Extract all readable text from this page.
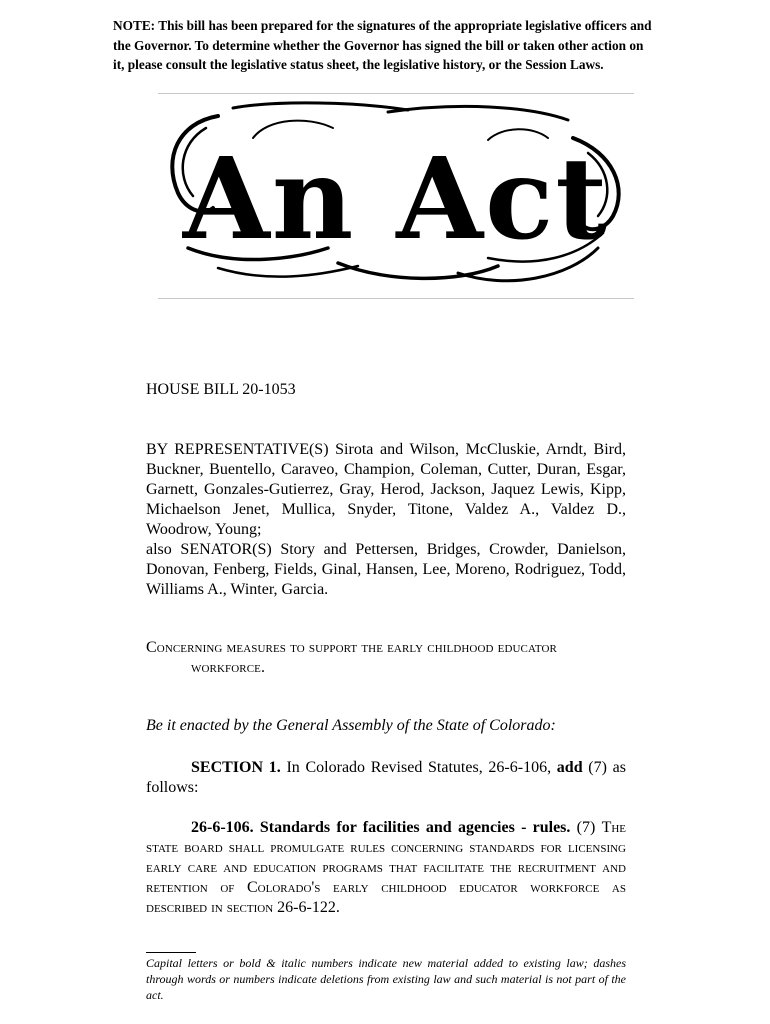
NOTE: This bill has been prepared for the signatures of the appropriate legislative officers and the Governor. To determine whether the Governor has signed the bill or taken other action on it, please consult the legislative status sheet, the legislative history, or the Session Laws.
An Act
HOUSE BILL 20-1053

BY REPRESENTATIVE(S) Sirota and Wilson, McCluskie, Arndt, Bird, Buckner, Buentello, Caraveo, Champion, Coleman, Cutter, Duran, Esgar, Garnett, Gonzales-Gutierrez, Gray, Herod, Jackson, Jaquez Lewis, Kipp, Michaelson Jenet, Mullica, Snyder, Titone, Valdez A., Valdez D., Woodrow, Young;

also SENATOR(S) Story and Pettersen, Bridges, Crowder, Danielson, Donovan, Fenberg, Fields, Ginal, Hansen, Lee, Moreno, Rodriguez, Todd, Williams A., Winter, Garcia.

Concerning measures to support the early childhood educator
workforce.
Be it enacted by the General Assembly of the State of Colorado:

SECTION 1. In Colorado Revised Statutes, 26-6-106, add (7) as follows:

26-6-106. Standards for facilities and agencies - rules. (7) The state board shall promulgate rules concerning standards for licensing early care and education programs that facilitate the recruitment and retention of Colorado's early childhood educator workforce as described in section 26-6-122.

Capital letters or bold & italic numbers indicate new material added to existing law; dashes through words or numbers indicate deletions from existing law and such material is not part of the act.
